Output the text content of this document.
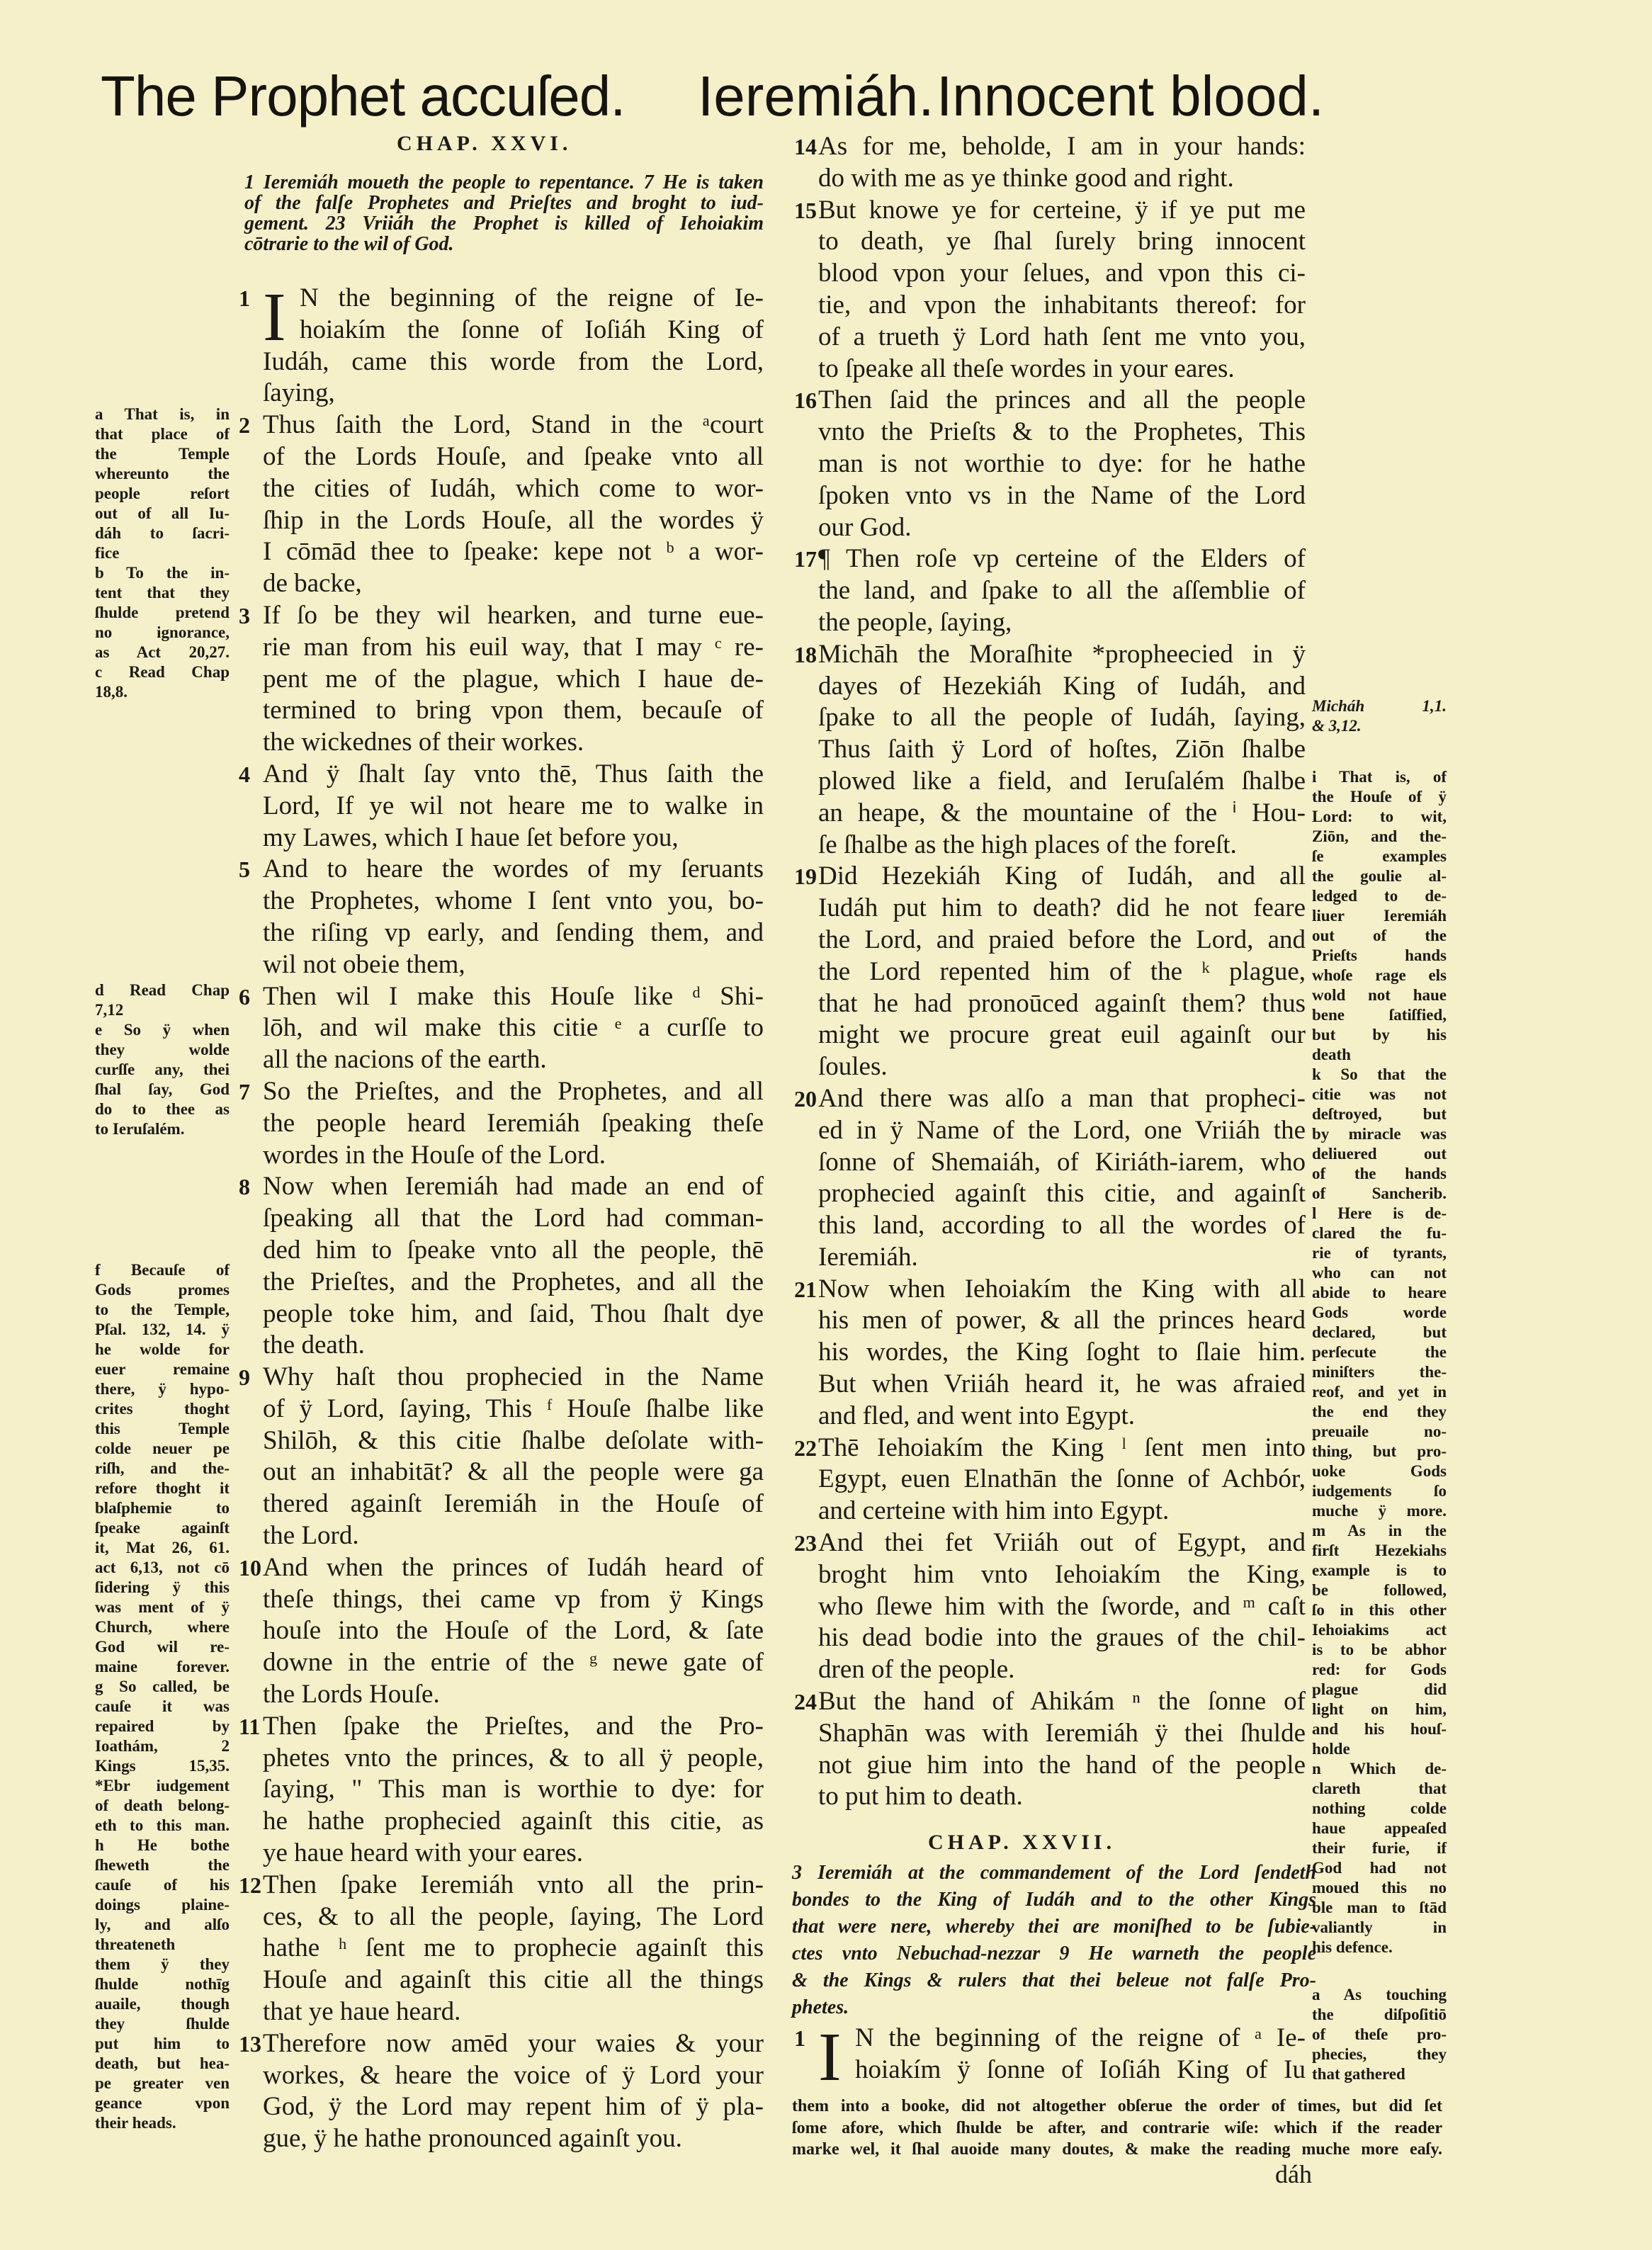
The Prophet accuſed. Ieremiáh. Innocent blood.
CHAP. XXVI.
1 Ieremiáh moueth the people to repentance. 7 He is taken
of the falſe Prophetes and Prieſtes and broght to iud-
gement. 23 Vriiáh the Prophet is killed of Iehoiakim
cōtrarie to the wil of God.
N the beginning of the reigne of Ie-
1 I hoiakím the ſonne of Ioſiáh King of
Iudáh, came this worde from the Lord,
ſaying,
Thus ſaith the Lord, Stand in the ᵃcourt
2
of the Lords Houſe, and ſpeake vnto all
the cities of Iudáh, which come to wor-
ſhip in the Lords Houſe, all the wordes ÿ
I cōmād thee to ſpeake: kepe not ᵇ a wor-
de backe,
If ſo be they wil hearken, and turne eue-
3
rie man from his euil way, that I may ᶜ re-
pent me of the plague, which I haue de-
termined to bring vpon them, becauſe of
the wickednes of their workes.
And ÿ ſhalt ſay vnto thē, Thus ſaith the
4
Lord, If ye wil not heare me to walke in
my Lawes, which I haue ſet before you,
And to heare the wordes of my ſeruants
5
the Prophetes, whome I ſent vnto you, bo-
the riſing vp early, and ſending them, and
wil not obeie them,
Then wil I make this Houſe like ᵈ Shi-
6
lōh, and wil make this citie ᵉ a curſſe to
all the nacions of the earth.
So the Prieſtes, and the Prophetes, and all
7
the people heard Ieremiáh ſpeaking theſe
wordes in the Houſe of the Lord.
Now when Ieremiáh had made an end of
8
ſpeaking all that the Lord had comman-
ded him to ſpeake vnto all the people, thē
the Prieſtes, and the Prophetes, and all the
people toke him, and ſaid, Thou ſhalt dye
the death.
Why haſt thou prophecied in the Name
9
of ÿ Lord, ſaying, This ᶠ Houſe ſhalbe like
Shilōh, & this citie ſhalbe deſolate with-
out an inhabitāt? & all the people were ga
thered againſt Ieremiáh in the Houſe of
the Lord.
And when the princes of Iudáh heard of
10
theſe things, thei came vp from ÿ Kings
houſe into the Houſe of the Lord, & ſate
downe in the entrie of the ᵍ newe gate of
the Lords Houſe.
Then ſpake the Prieſtes, and the Pro-
11
phetes vnto the princes, & to all ÿ people,
ſaying, " This man is worthie to dye: for
he hathe prophecied againſt this citie, as
ye haue heard with your eares.
Then ſpake Ieremiáh vnto all the prin-
12
ces, & to all the people, ſaying, The Lord
hathe ʰ ſent me to prophecie againſt this
Houſe and againſt this citie all the things
that ye haue heard.
Therefore now amēd your waies & your
13
workes, & heare the voice of ÿ Lord your
God, ÿ the Lord may repent him of ÿ pla-
gue, ÿ he hathe pronounced againſt you.
As for me, beholde, I am in your hands:
14
do with me as ye thinke good and right.
But knowe ye for certeine, ÿ if ye put me
15
to death, ye ſhal ſurely bring innocent
blood vpon your ſelues, and vpon this ci-
tie, and vpon the inhabitants thereof: for
of a trueth ÿ Lord hath ſent me vnto you,
to ſpeake all theſe wordes in your eares.
Then ſaid the princes and all the people
16
vnto the Prieſts & to the Prophetes, This
man is not worthie to dye: for he hathe
ſpoken vnto vs in the Name of the Lord
our God.
¶ Then roſe vp certeine of the Elders of
17
the land, and ſpake to all the aſſemblie of
the people, ſaying,
Michāh the Moraſhite *propheecied in ÿ
18
dayes of Hezekiáh King of Iudáh, and
ſpake to all the people of Iudáh, ſaying,
Thus ſaith ÿ Lord of hoſtes, Ziōn ſhalbe
plowed like a field, and Ieruſalém ſhalbe
an heape, & the mountaine of the ⁱ Hou-
ſe ſhalbe as the high places of the foreſt.
Did Hezekiáh King of Iudáh, and all
19
Iudáh put him to death? did he not feare
the Lord, and praied before the Lord, and
the Lord repented him of the ᵏ plague,
that he had pronoūced againſt them? thus
might we procure great euil againſt our
ſoules.
And there was alſo a man that propheci-
20
ed in ÿ Name of the Lord, one Vriiáh the
ſonne of Shemaiáh, of Kiriáth-iarem, who
prophecied againſt this citie, and againſt
this land, according to all the wordes of
Ieremiáh.
Now when Iehoiakím the King with all
21
his men of power, & all the princes heard
his wordes, the King ſoght to ſlaie him.
But when Vriiáh heard it, he was afraied
and fled, and went into Egypt.
Thē Iehoiakím the King ˡ ſent men into
22
Egypt, euen Elnathān the ſonne of Achbór,
and certeine with him into Egypt.
And thei fet Vriiáh out of Egypt, and
23
broght him vnto Iehoiakím the King,
who ſlewe him with the ſworde, and ᵐ caſt
his dead bodie into the graues of the chil-
dren of the people.
But the hand of Ahikám ⁿ the ſonne of
24
Shaphān was with Ieremiáh ÿ thei ſhulde
not giue him into the hand of the people
to put him to death.
CHAP. XXVII.
3 Ieremiáh at the commandement of the Lord ſendeth
bondes to the King of Iudáh and to the other Kings
that were nere, whereby thei are moniſhed to be ſubie-
ctes vnto Nebuchad-nezzar 9 He warneth the people
& the Kings & rulers that thei beleue not falſe Pro-
phetes.
N the beginning of the reigne of ᵃ Ie-
1 I hoiakím ÿ ſonne of Ioſiáh King of Iu
them into a booke, did not altogether obſerue the order of times, but did ſet
ſome afore, which ſhulde be after, and contrarie wiſe: which if the reader
marke wel, it ſhal auoide many doutes, & make the reading muche more eaſy.
dáh
a That is, in
that place of
the Temple
whereunto the
people reſort
out of all Iu-
dáh to ſacri-
fice
b To the in-
tent that they
ſhulde pretend
no ignorance,
as Act 20,27.
c Read Chap
18,8.
d Read Chap
7,12
e So ÿ when
they wolde
curſſe any, thei
ſhal ſay, God
do to thee as
to Ieruſalém.
f Becauſe of
Gods promes
to the Temple,
Pſal. 132, 14. ÿ
he wolde for
euer remaine
there, ÿ hypo-
crites thoght
this Temple
colde neuer pe
riſh, and the-
refore thoght it
blaſphemie to
ſpeake againſt
it, Mat 26, 61.
act 6,13, not cō
ſidering ÿ this
was ment of ÿ
Church, where
God wil re-
maine forever.
g So called, be
cauſe it was
repaired by
Ioathám, 2
Kings 15,35.
*Ebr iudgement
of death belong-
eth to this man.
h He bothe
ſheweth the
cauſe of his
doings plaine-
ly, and alſo
threateneth
them ÿ they
ſhulde nothīg
auaile, though
they ſhulde
put him to
death, but hea-
pe greater ven
geance vpon
their heads.
Micháh 1,1.
& 3,12.
i That is, of
the Houſe of ÿ
Lord: to wit,
Ziōn, and the-
ſe examples
the goulie al-
ledged to de-
liuer Ieremiáh
out of the
Prieſts hands
whoſe rage els
wold not haue
bene ſatiſfied,
but by his
death
k So that the
citie was not
deſtroyed, but
by miracle was
deliuered out
of the hands
of Sancherib.
l Here is de-
clared the fu-
rie of tyrants,
who can not
abide to heare
Gods worde
declared, but
perſecute the
miniſters the-
reof, and yet in
the end they
preuaile no-
thing, but pro-
uoke Gods
iudgements ſo
muche ÿ more.
m As in the
firſt Hezekiahs
example is to
be followed,
ſo in this other
Iehoiakims act
is to be abhor
red: for Gods
plague did
light on him,
and his houſ-
holde
n Which de-
clareth that
nothing colde
haue appeaſed
their furie, if
God had not
moued this no
ble man to ſtād
valiantly in
his defence.
a As touching
the diſpoſitiō
of theſe pro-
phecies, they
that gathered
